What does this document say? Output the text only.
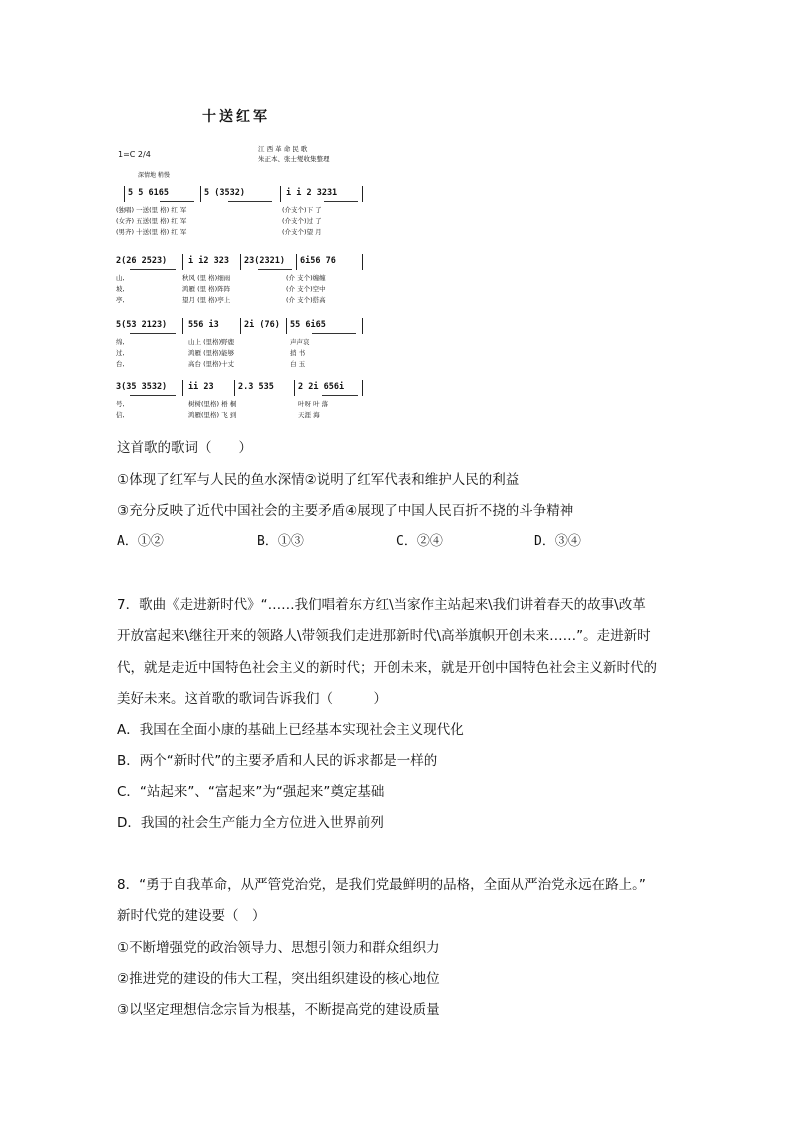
十送红军
1=C 2/4
江 西 革 命 民 歌
朱正本、张士燮收集整理
深情地 稍慢
5 5 6165	5 (3532)	i i 2 3231
(独唱) 一送(里 格) 红 军	(介支个)下 了
(女齐) 五送(里 格) 红 军	(介支个)过 了
(男齐) 十送(里 格) 红 军	(介支个)望 月
2(26 2523) i i2 323 23(2321) 6i56 76
山,	秋风 (里 格)细雨	(介 支个)缠缠
坡,	鸿雁 (里 格)阵阵	(介 支个)空中
亭,	望月 (里 格)亭上	(介 支个)搭高
5(53 2123) 556 i3	2i (76) 55 6i65
绵,	山上 (里格)野鹿	声声哀
过,	鸿雁 (里格)能够	捎 书
台,	高台 (里格)十丈	白 玉
3(35 3532) ii 23	2.3 535	2 2i 656i
号,	树树(里格) 梧 桐	叶呀 叶 落
信,	鸿雁(里格) 飞 到	天涯 海
这首歌的歌词（　　）
①体现了红军与人民的鱼水深情②说明了红军代表和维护人民的利益
③充分反映了近代中国社会的主要矛盾④展现了中国人民百折不挠的斗争精神
A．①②	B．①③	C．②④	D．③④
7．歌曲《走进新时代》“……我们唱着东方红\当家作主站起来\我们讲着春天的故事\改革
开放富起来\继往开来的领路人\带领我们走进那新时代\高举旗帜开创未来……”。走进新时
代，就是走近中国特色社会主义的新时代；开创未来，就是开创中国特色社会主义新时代的
美好未来。这首歌的歌词告诉我们（　　　）
A．我国在全面小康的基础上已经基本实现社会主义现代化
B．两个“新时代”的主要矛盾和人民的诉求都是一样的
C．“站起来”、“富起来”为“强起来”奠定基础
D．我国的社会生产能力全方位进入世界前列
8．“勇于自我革命，从严管党治党，是我们党最鲜明的品格，全面从严治党永远在路上。”
新时代党的建设要（　）
①不断增强党的政治领导力、思想引领力和群众组织力
②推进党的建设的伟大工程，突出组织建设的核心地位
③以坚定理想信念宗旨为根基，不断提高党的建设质量
